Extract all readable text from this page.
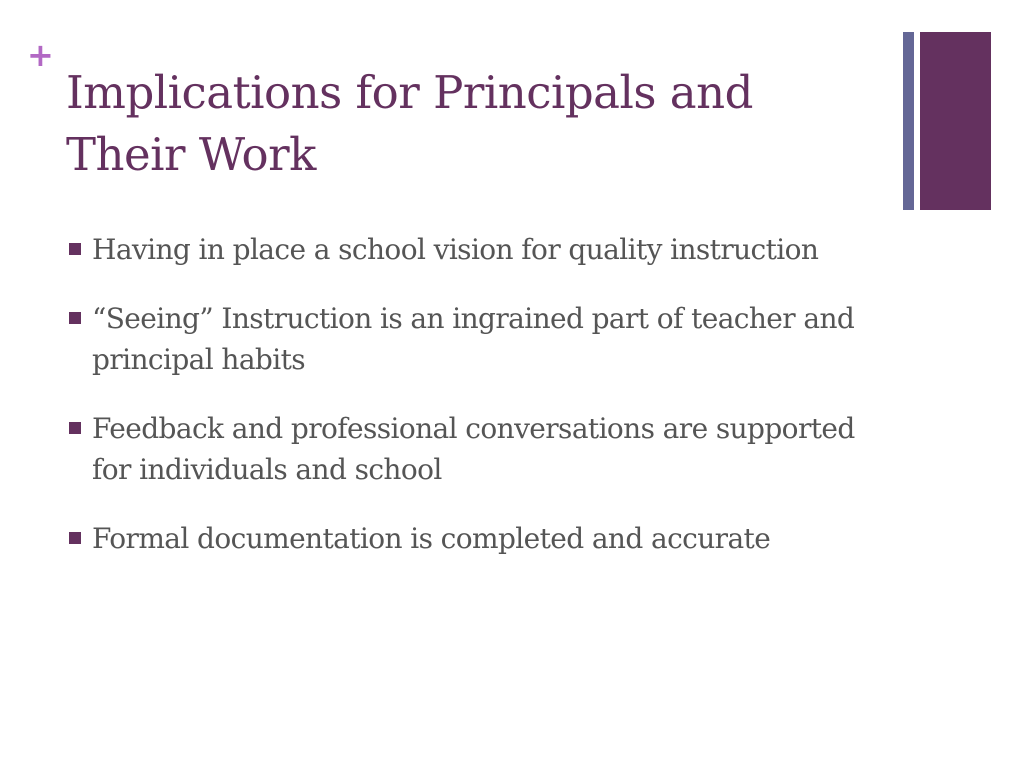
+
Implications for Principals and
Their Work
Having in place a school vision for quality instruction
“Seeing” Instruction is an ingrained part of teacher and principal habits
Feedback and professional conversations are supported for individuals and school
Formal documentation is completed and accurate
